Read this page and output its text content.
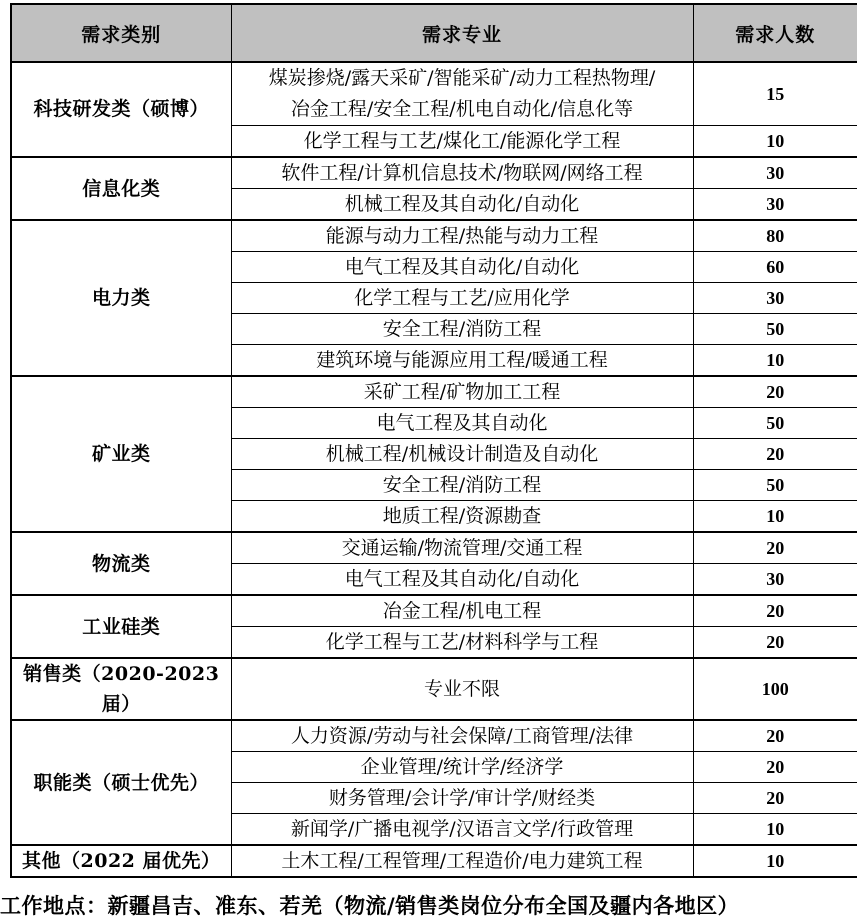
需求类别	需求专业	需求人数
科技研发类（硕博）	煤炭掺烧/露天采矿/智能采矿/动力工程热物理/
冶金工程/安全工程/机电自动化/信息化等	15
	化学工程与工艺/煤化工/能源化学工程	10
信息化类	软件工程/计算机信息技术/物联网/网络工程	30
	机械工程及其自动化/自动化	30
电力类	能源与动力工程/热能与动力工程	80
	电气工程及其自动化/自动化	60
	化学工程与工艺/应用化学	30
	安全工程/消防工程	50
	建筑环境与能源应用工程/暖通工程	10
矿业类	采矿工程/矿物加工工程	20
	电气工程及其自动化	50
	机械工程/机械设计制造及自动化	20
	安全工程/消防工程	50
	地质工程/资源勘查	10
物流类	交通运输/物流管理/交通工程	20
	电气工程及其自动化/自动化	30
工业硅类	冶金工程/机电工程	20
	化学工程与工艺/材料科学与工程	20
销售类（2020-2023 届）	专业不限	100
职能类（硕士优先）	人力资源/劳动与社会保障/工商管理/法律	20
	企业管理/统计学/经济学	20
	财务管理/会计学/审计学/财经类	20
	新闻学/广播电视学/汉语言文学/行政管理	10
其他（2022 届优先）	土木工程/工程管理/工程造价/电力建筑工程	10

工作地点：新疆昌吉、准东、若羌（物流/销售类岗位分布全国及疆内各地区）
